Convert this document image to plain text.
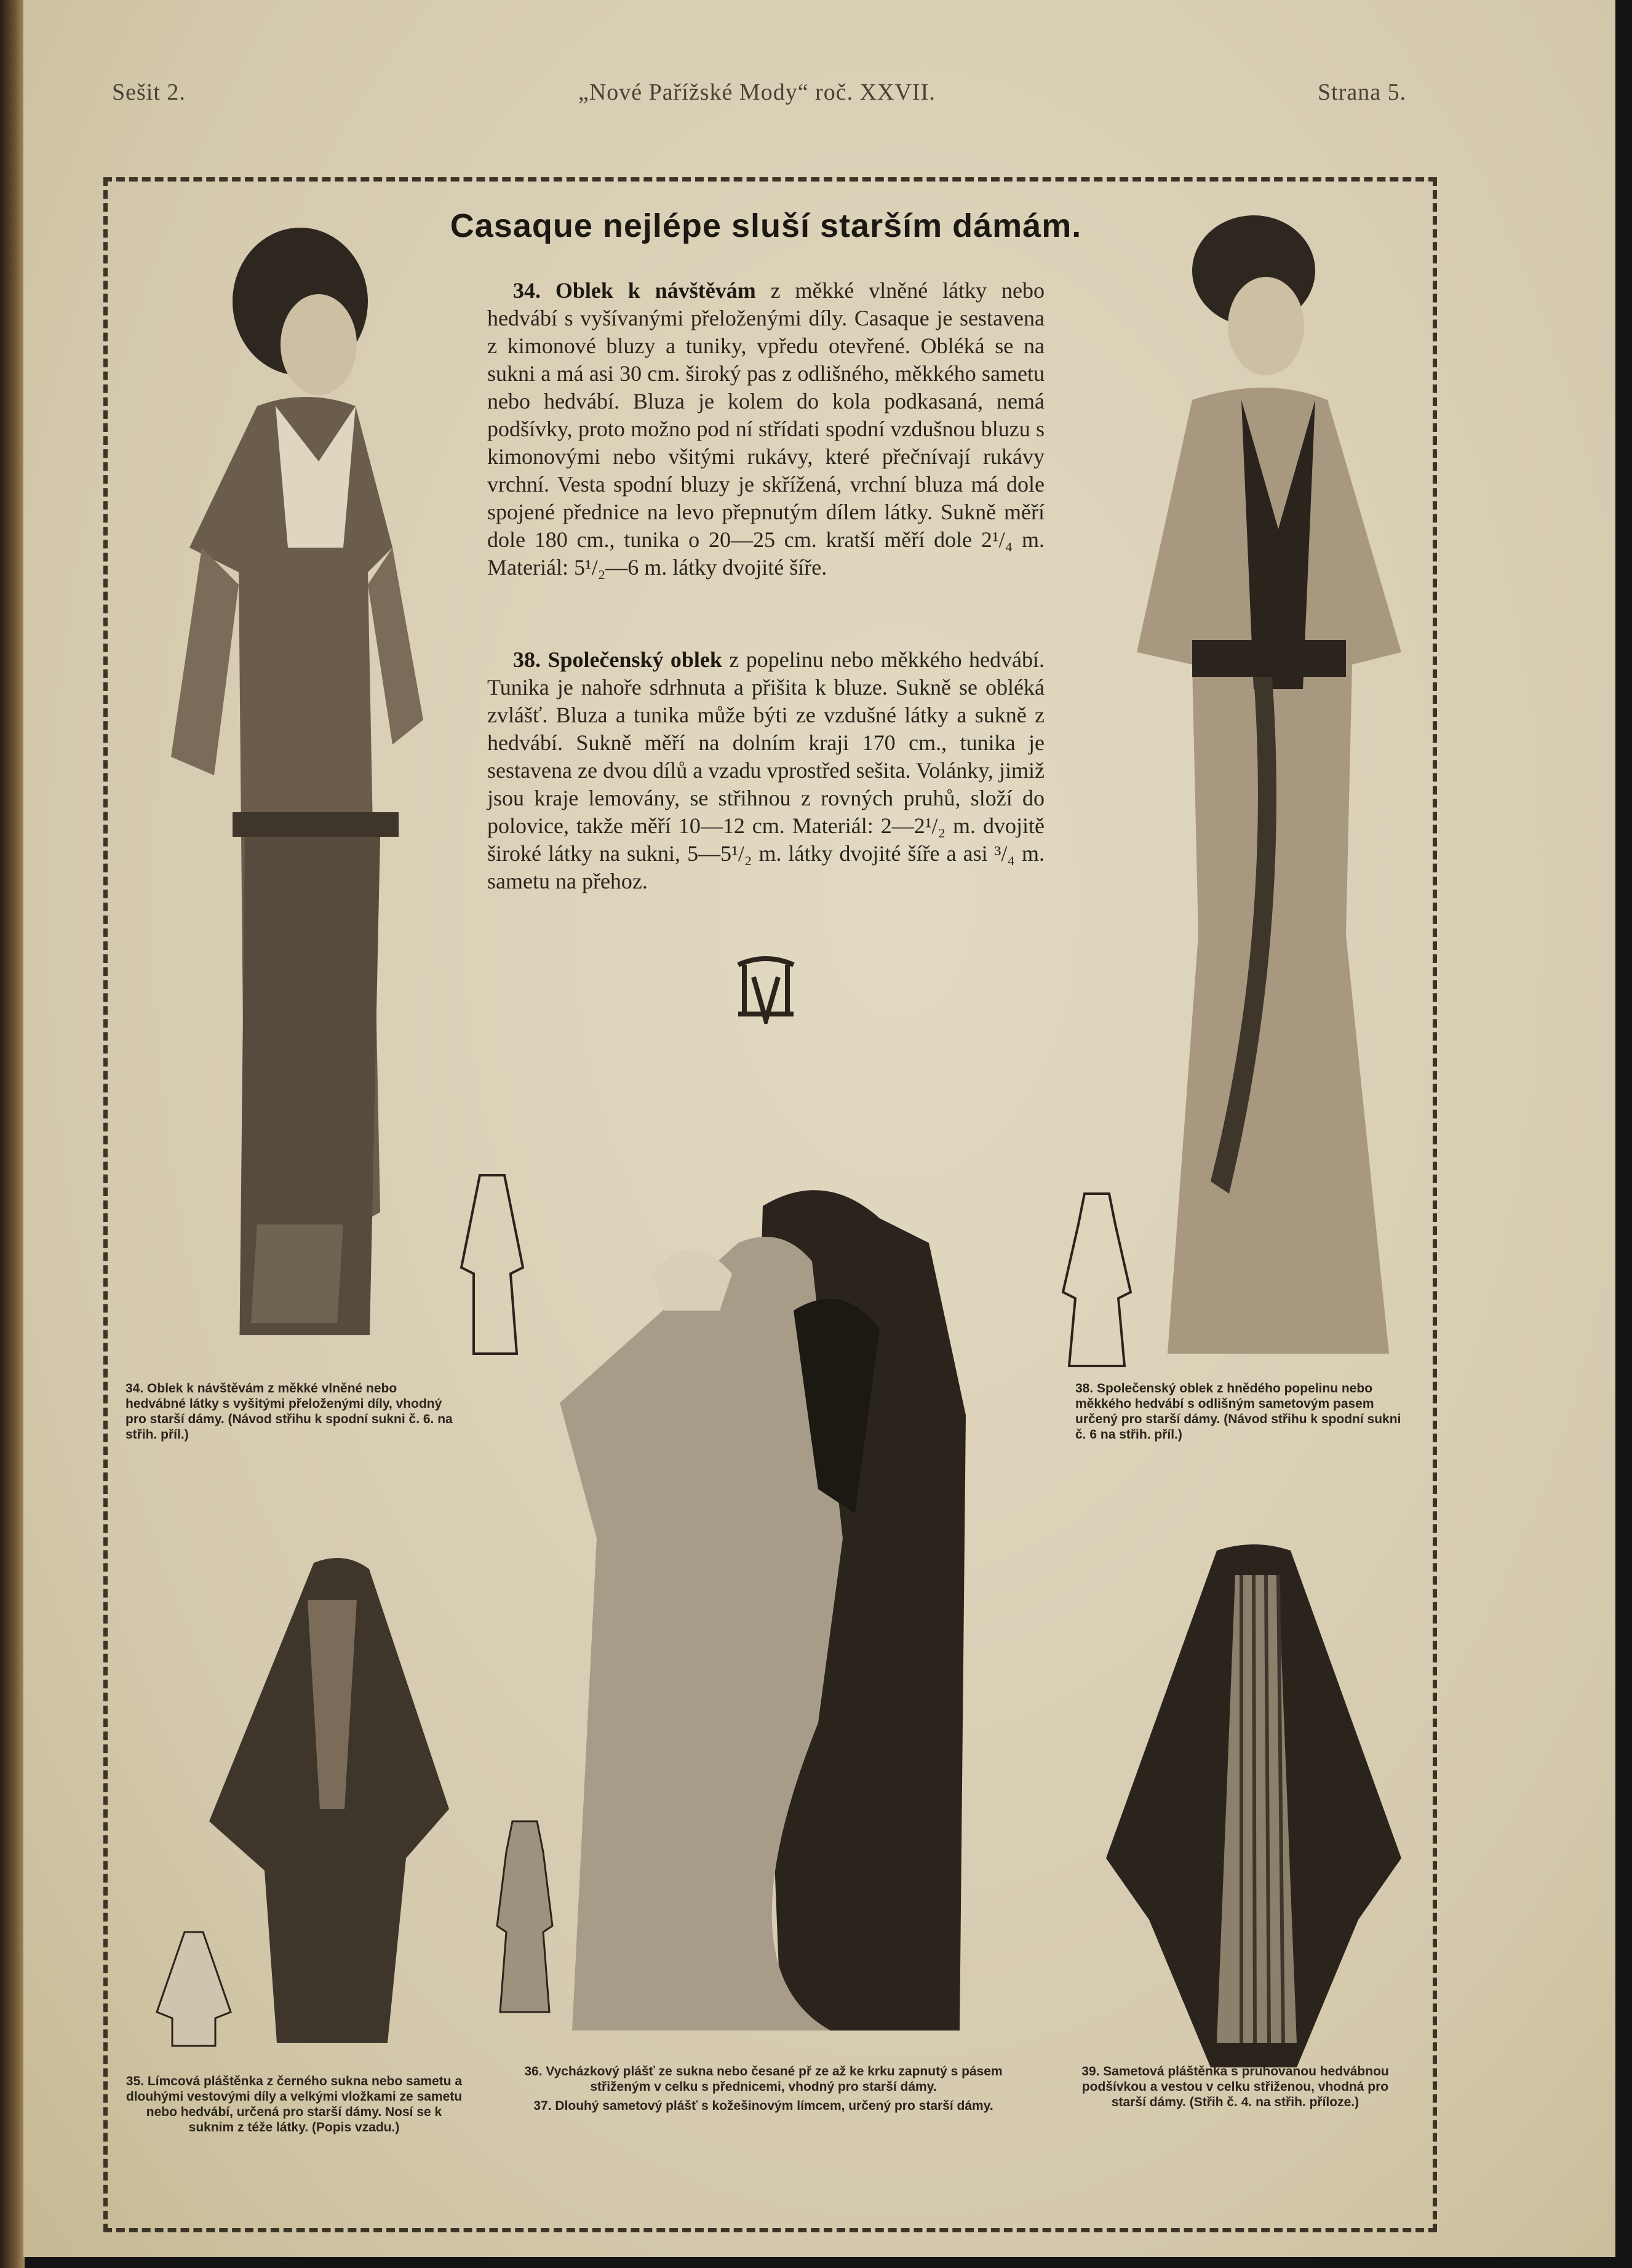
Sešit 2.	„Nové Pařížské Mody“ roč. XXVII.	Strana 5.
Casaque nejlépe sluší starším dámám.
34. Oblek k návštěvám z měkké vlněné látky nebo hedvábí s vyšívanými přeloženými díly. Casaque je sestavena z kimonové bluzy a tuniky, vpředu otevřené. Obléká se na sukni a má asi 30 cm. široký pas z odlišného, měkkého sametu nebo hedvábí. Bluza je kolem do kola podkasaná, nemá podšívky, proto možno pod ní střídati spodní vzdušnou bluzu s kimonovými nebo všitými rukávy, které přečnívají rukávy vrchní. Vesta spodní bluzy je skřížená, vrchní bluza má dole spojené přednice na levo přepnutým dílem látky. Sukně měří dole 180 cm., tunika o 20—25 cm. kratší měří dole 2¹/₄ m. Materiál: 5¹/₂—6 m. látky dvojité šíře.
38. Společenský oblek z popelinu nebo měkkého hedvábí. Tunika je nahoře sdrhnuta a přišita k bluze. Sukně se obléká zvlášť. Bluza a tunika může býti ze vzdušné látky a sukně z hedvábí. Sukně měří na dolním kraji 170 cm., tunika je sestavena ze dvou dílů a vzadu vprostřed sešita. Volánky, jimiž jsou kraje lemovány, se střihnou z rovných pruhů, složí do polovice, takže měří 10—12 cm. Materiál: 2—2¹/₂ m. dvojitě široké látky na sukni, 5—5¹/₂ m. látky dvojité šíře a asi ³/₄ m. sametu na přehoz.
34. Oblek k návštěvám z měkké vlněné nebo hedvábné látky s vyšitými přeloženými díly, vhodný pro starší dámy. (Návod střihu k spodní sukni č. 6. na střih. příl.)
38. Společenský oblek z hnědého popelinu nebo měkkého hedvábí s odlišným sametovým pasem určený pro starší dámy. (Návod střihu k spodní sukni č. 6 na střih. příl.)
35. Límcová pláštěnka z černého sukna nebo sametu a dlouhými vestovými díly a velkými vložkami ze sametu nebo hedvábí, určená pro starší dámy. Nosí se k suknim z téže látky. (Popis vzadu.)
36. Vycházkový plášť ze sukna nebo česané př ze až ke krku zapnutý s pásem střiženým v celku s přednicemi, vhodný pro starší dámy.
37. Dlouhý sametový plášť s kožešinovým límcem, určený pro starší dámy.
39. Sametová pláštěnka s pruhovanou hedvábnou podšívkou a vestou v celku střiženou, vhodná pro starší dámy. (Střih č. 4. na střih. příloze.)
